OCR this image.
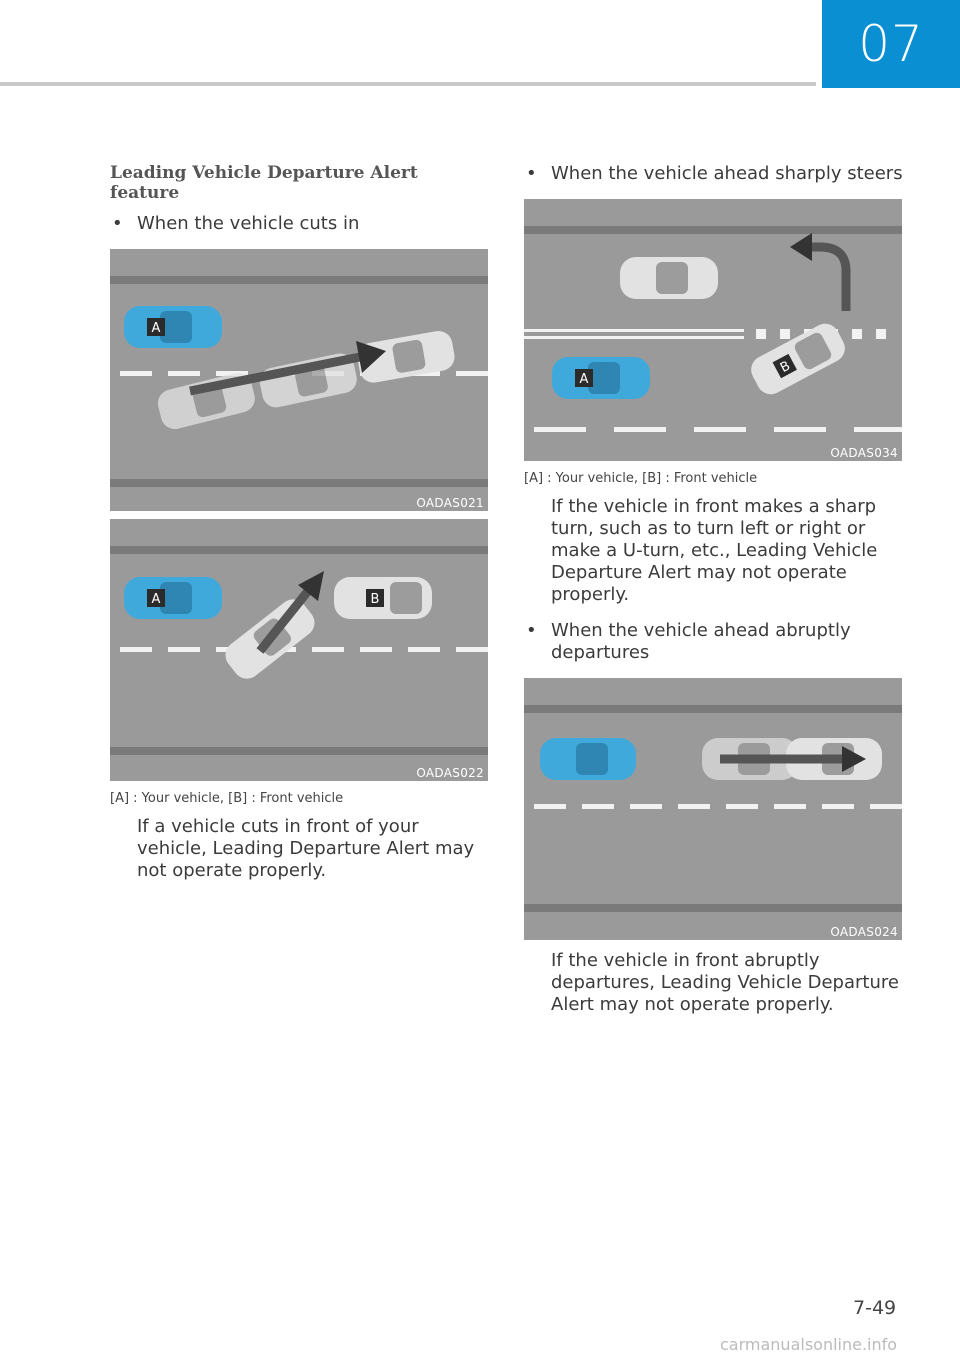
07
Leading Vehicle Departure Alert feature
• When the vehicle cuts in
A
OADAS021
A	B
OADAS022
[A] : Your vehicle, [B] : Front vehicle
If a vehicle cuts in front of your vehicle, Leading Departure Alert may not operate properly.
• When the vehicle ahead sharply steers
A
B
OADAS034
[A] : Your vehicle, [B] : Front vehicle
If the vehicle in front makes a sharp turn, such as to turn left or right or make a U-turn, etc., Leading Vehicle Departure Alert may not operate properly.
• When the vehicle ahead abruptly departures
OADAS024
If the vehicle in front abruptly departures, Leading Vehicle Departure Alert may not operate properly.
7-49
carmanualsonline.info
